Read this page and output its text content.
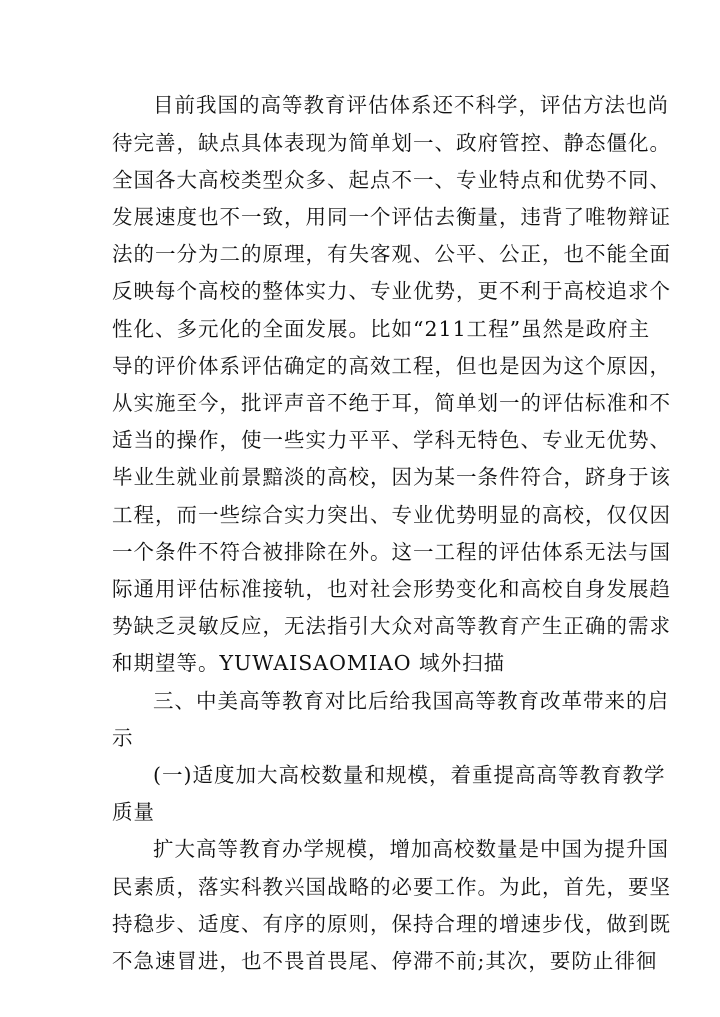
目前我国的高等教育评估体系还不科学，评估方法也尚
待完善，缺点具体表现为简单划一、政府管控、静态僵化。
全国各大高校类型众多、起点不一、专业特点和优势不同、
发展速度也不一致，用同一个评估去衡量，违背了唯物辩证
法的一分为二的原理，有失客观、公平、公正，也不能全面
反映每个高校的整体实力、专业优势，更不利于高校追求个
性化、多元化的全面发展。比如“211工程”虽然是政府主
导的评价体系评估确定的高效工程，但也是因为这个原因，
从实施至今，批评声音不绝于耳，简单划一的评估标准和不
适当的操作，使一些实力平平、学科无特色、专业无优势、
毕业生就业前景黯淡的高校，因为某一条件符合，跻身于该
工程，而一些综合实力突出、专业优势明显的高校，仅仅因
一个条件不符合被排除在外。这一工程的评估体系无法与国
际通用评估标准接轨，也对社会形势变化和高校自身发展趋
势缺乏灵敏反应，无法指引大众对高等教育产生正确的需求
和期望等。YUWAISAOMIAO 域外扫描
三、中美高等教育对比后给我国高等教育改革带来的启
示
(一)适度加大高校数量和规模，着重提高高等教育教学
质量
扩大高等教育办学规模，增加高校数量是中国为提升国
民素质，落实科教兴国战略的必要工作。为此，首先，要坚
持稳步、适度、有序的原则，保持合理的增速步伐，做到既
不急速冒进，也不畏首畏尾、停滞不前;其次，要防止徘徊
